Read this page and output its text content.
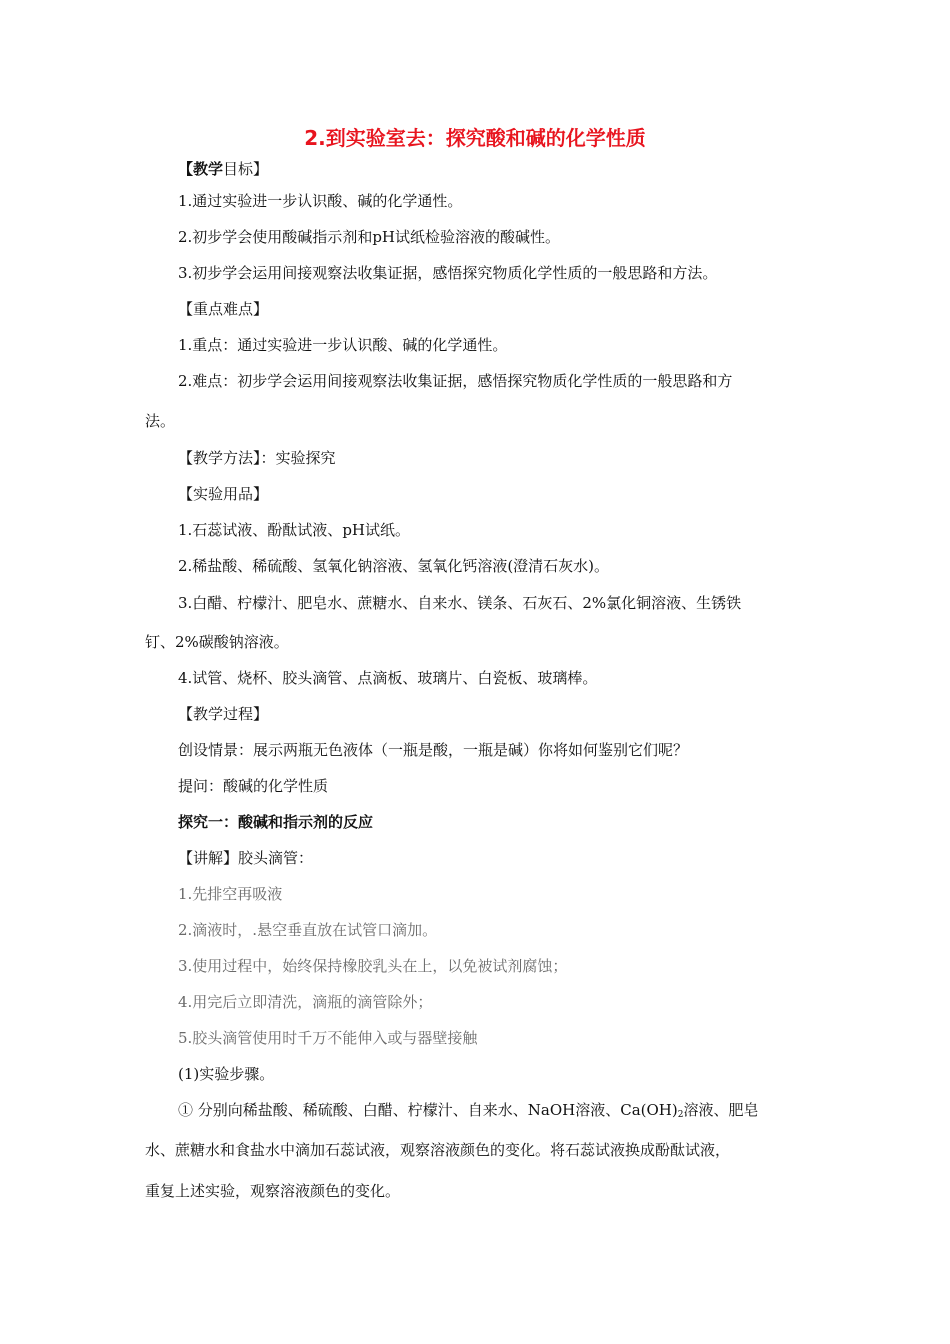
2.到实验室去：探究酸和碱的化学性质
【教学目标】
1.通过实验进一步认识酸、碱的化学通性。
2.初步学会使用酸碱指示剂和pH试纸检验溶液的酸碱性。
3.初步学会运用间接观察法收集证据，感悟探究物质化学性质的一般思路和方法。
【重点难点】
1.重点：通过实验进一步认识酸、碱的化学通性。
2.难点：初步学会运用间接观察法收集证据，感悟探究物质化学性质的一般思路和方
法。
【教学方法】：实验探究
【实验用品】
1.石蕊试液、酚酞试液、pH试纸。
2.稀盐酸、稀硫酸、氢氧化钠溶液、氢氧化钙溶液(澄清石灰水)。
3.白醋、柠檬汁、肥皂水、蔗糖水、自来水、镁条、石灰石、2%氯化铜溶液、生锈铁
钉、2%碳酸钠溶液。
4.试管、烧杯、胶头滴管、点滴板、玻璃片、白瓷板、玻璃棒。
【教学过程】
创设情景：展示两瓶无色液体（一瓶是酸，一瓶是碱）你将如何鉴别它们呢？
提问：酸碱的化学性质
探究一：酸碱和指示剂的反应
【讲解】胶头滴管：
1.先排空再吸液
2.滴液时，.悬空垂直放在试管口滴加。
3.使用过程中，始终保持橡胶乳头在上，以免被试剂腐蚀；
4.用完后立即清洗，滴瓶的滴管除外；
5.胶头滴管使用时千万不能伸入或与器壁接触
(1)实验步骤。
① 分别向稀盐酸、稀硫酸、白醋、柠檬汁、自来水、NaOH溶液、$Ca(OH)_2$溶液、肥皂
水、蔗糖水和食盐水中滴加石蕊试液，观察溶液颜色的变化。将石蕊试液换成酚酞试液，
重复上述实验，观察溶液颜色的变化。
